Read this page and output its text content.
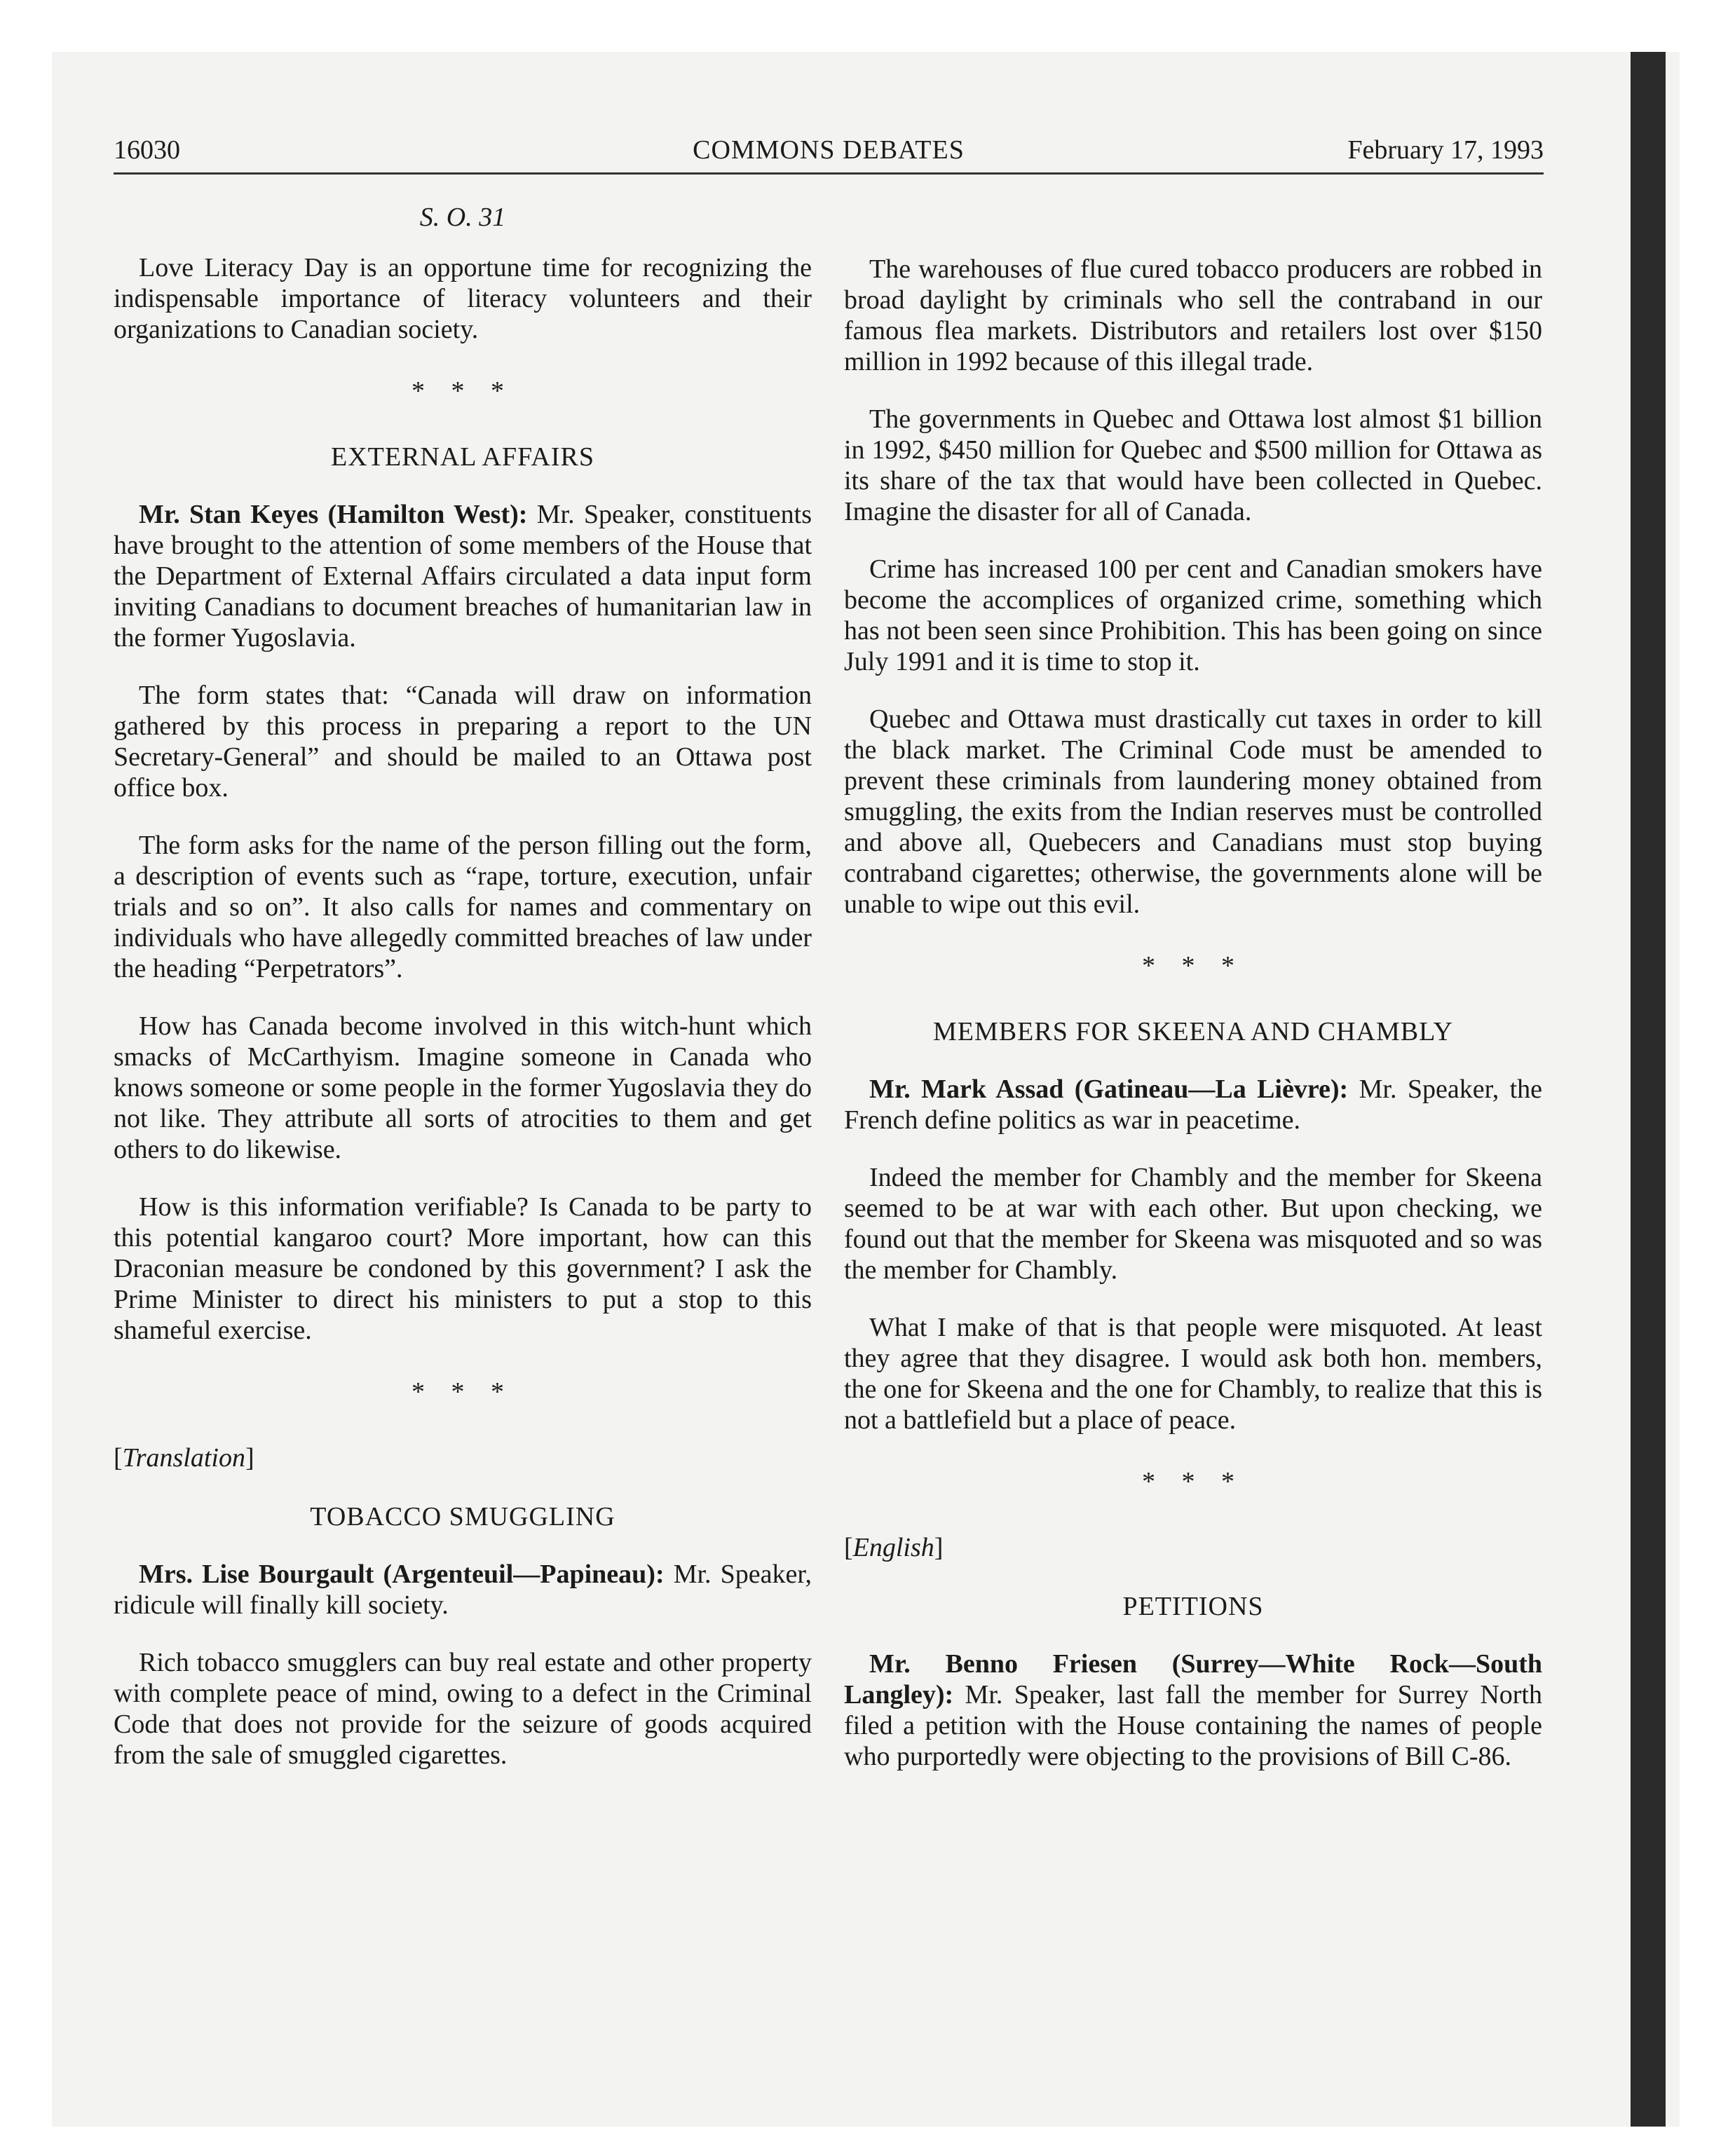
16030	COMMONS DEBATES	February 17, 1993
S. O. 31

Love Literacy Day is an opportune time for recognizing the indispensable importance of literacy volunteers and their organizations to Canadian society.

* * *
EXTERNAL AFFAIRS

Mr. Stan Keyes (Hamilton West): Mr. Speaker, constituents have brought to the attention of some members of the House that the Department of External Affairs circulated a data input form inviting Canadians to document breaches of humanitarian law in the former Yugoslavia.

The form states that: “Canada will draw on information gathered by this process in preparing a report to the UN Secretary-General” and should be mailed to an Ottawa post office box.

The form asks for the name of the person filling out the form, a description of events such as “rape, torture, execution, unfair trials and so on”. It also calls for names and commentary on individuals who have allegedly committed breaches of law under the heading “Perpetrators”.

How has Canada become involved in this witch-hunt which smacks of McCarthyism. Imagine someone in Canada who knows someone or some people in the former Yugoslavia they do not like. They attribute all sorts of atrocities to them and get others to do likewise.

How is this information verifiable? Is Canada to be party to this potential kangaroo court? More important, how can this Draconian measure be condoned by this government? I ask the Prime Minister to direct his ministers to put a stop to this shameful exercise.

* * *
[Translation]
TOBACCO SMUGGLING

Mrs. Lise Bourgault (Argenteuil—Papineau): Mr. Speaker, ridicule will finally kill society.

Rich tobacco smugglers can buy real estate and other property with complete peace of mind, owing to a defect in the Criminal Code that does not provide for the seizure of goods acquired from the sale of smuggled cigarettes.

The warehouses of flue cured tobacco producers are robbed in broad daylight by criminals who sell the contraband in our famous flea markets. Distributors and retailers lost over $150 million in 1992 because of this illegal trade.

The governments in Quebec and Ottawa lost almost $1 billion in 1992, $450 million for Quebec and $500 million for Ottawa as its share of the tax that would have been collected in Quebec. Imagine the disaster for all of Canada.

Crime has increased 100 per cent and Canadian smokers have become the accomplices of organized crime, something which has not been seen since Prohibition. This has been going on since July 1991 and it is time to stop it.

Quebec and Ottawa must drastically cut taxes in order to kill the black market. The Criminal Code must be amended to prevent these criminals from laundering money obtained from smuggling, the exits from the Indian reserves must be controlled and above all, Quebecers and Canadians must stop buying contraband cigarettes; otherwise, the governments alone will be unable to wipe out this evil.

* * *
MEMBERS FOR SKEENA AND CHAMBLY

Mr. Mark Assad (Gatineau—La Lièvre): Mr. Speaker, the French define politics as war in peacetime.

Indeed the member for Chambly and the member for Skeena seemed to be at war with each other. But upon checking, we found out that the member for Skeena was misquoted and so was the member for Chambly.

What I make of that is that people were misquoted. At least they agree that they disagree. I would ask both hon. members, the one for Skeena and the one for Chambly, to realize that this is not a battlefield but a place of peace.

* * *
[English]
PETITIONS

Mr. Benno Friesen (Surrey—White Rock—South Langley): Mr. Speaker, last fall the member for Surrey North filed a petition with the House containing the names of people who purportedly were objecting to the provisions of Bill C-86.
